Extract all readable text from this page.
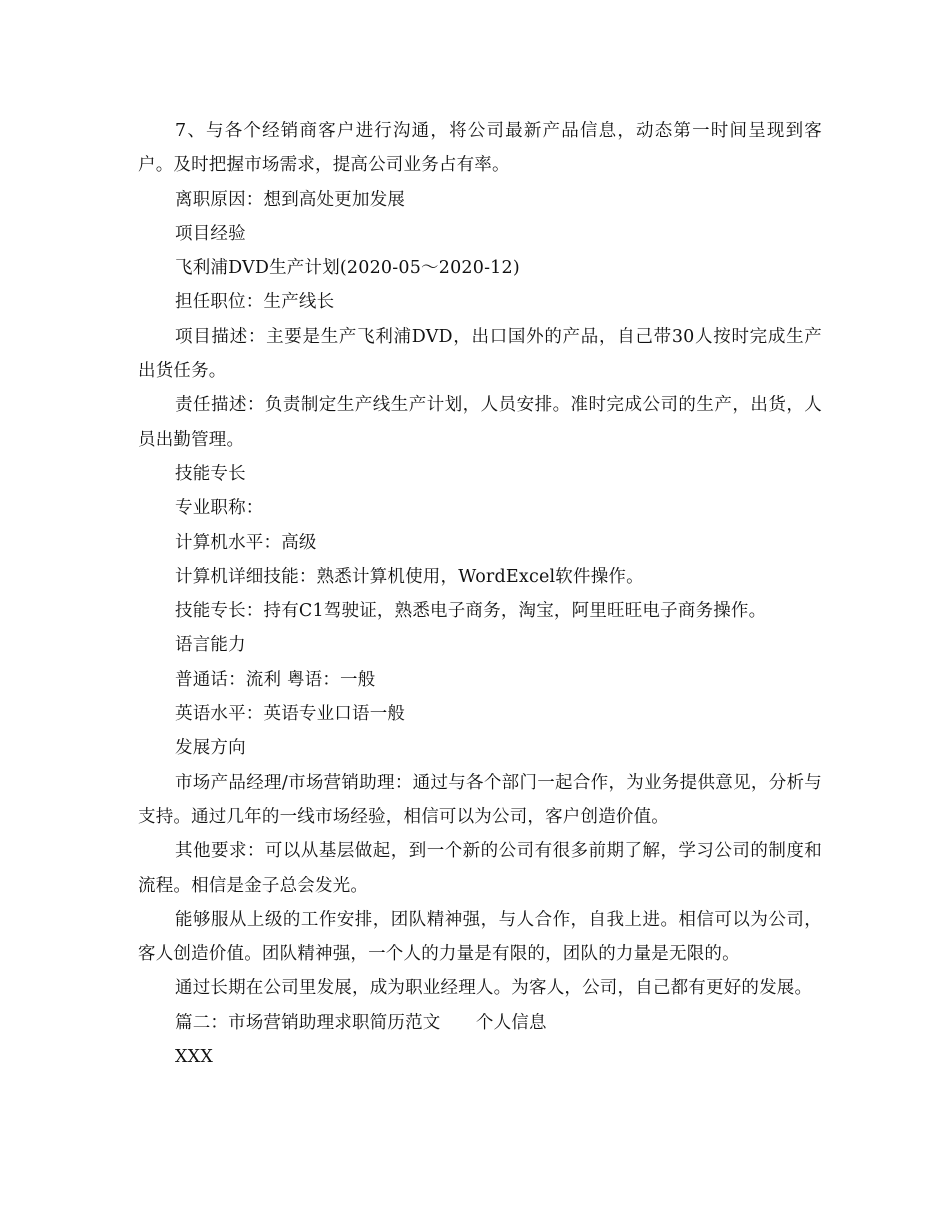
7、与各个经销商客户进行沟通，将公司最新产品信息，动态第一时间呈现到客户。及时把握市场需求，提高公司业务占有率。

离职原因：想到高处更加发展

项目经验

飞利浦DVD生产计划(2020-05～2020-12)

担任职位：生产线长

项目描述：主要是生产飞利浦DVD，出口国外的产品，自己带30人按时完成生产出货任务。

责任描述：负责制定生产线生产计划，人员安排。准时完成公司的生产，出货，人员出勤管理。

技能专长

专业职称：

计算机水平：高级

计算机详细技能：熟悉计算机使用，WordExcel软件操作。

技能专长：持有C1驾驶证，熟悉电子商务，淘宝，阿里旺旺电子商务操作。

语言能力

普通话：流利 粤语：一般

英语水平：英语专业口语一般

发展方向

市场产品经理/市场营销助理：通过与各个部门一起合作，为业务提供意见，分析与支持。通过几年的一线市场经验，相信可以为公司，客户创造价值。

其他要求：可以从基层做起，到一个新的公司有很多前期了解，学习公司的制度和流程。相信是金子总会发光。

能够服从上级的工作安排，团队精神强，与人合作，自我上进。相信可以为公司，客人创造价值。团队精神强，一个人的力量是有限的，团队的力量是无限的。

通过长期在公司里发展，成为职业经理人。为客人，公司，自己都有更好的发展。

篇二：市场营销助理求职简历范文　　个人信息

XXX
